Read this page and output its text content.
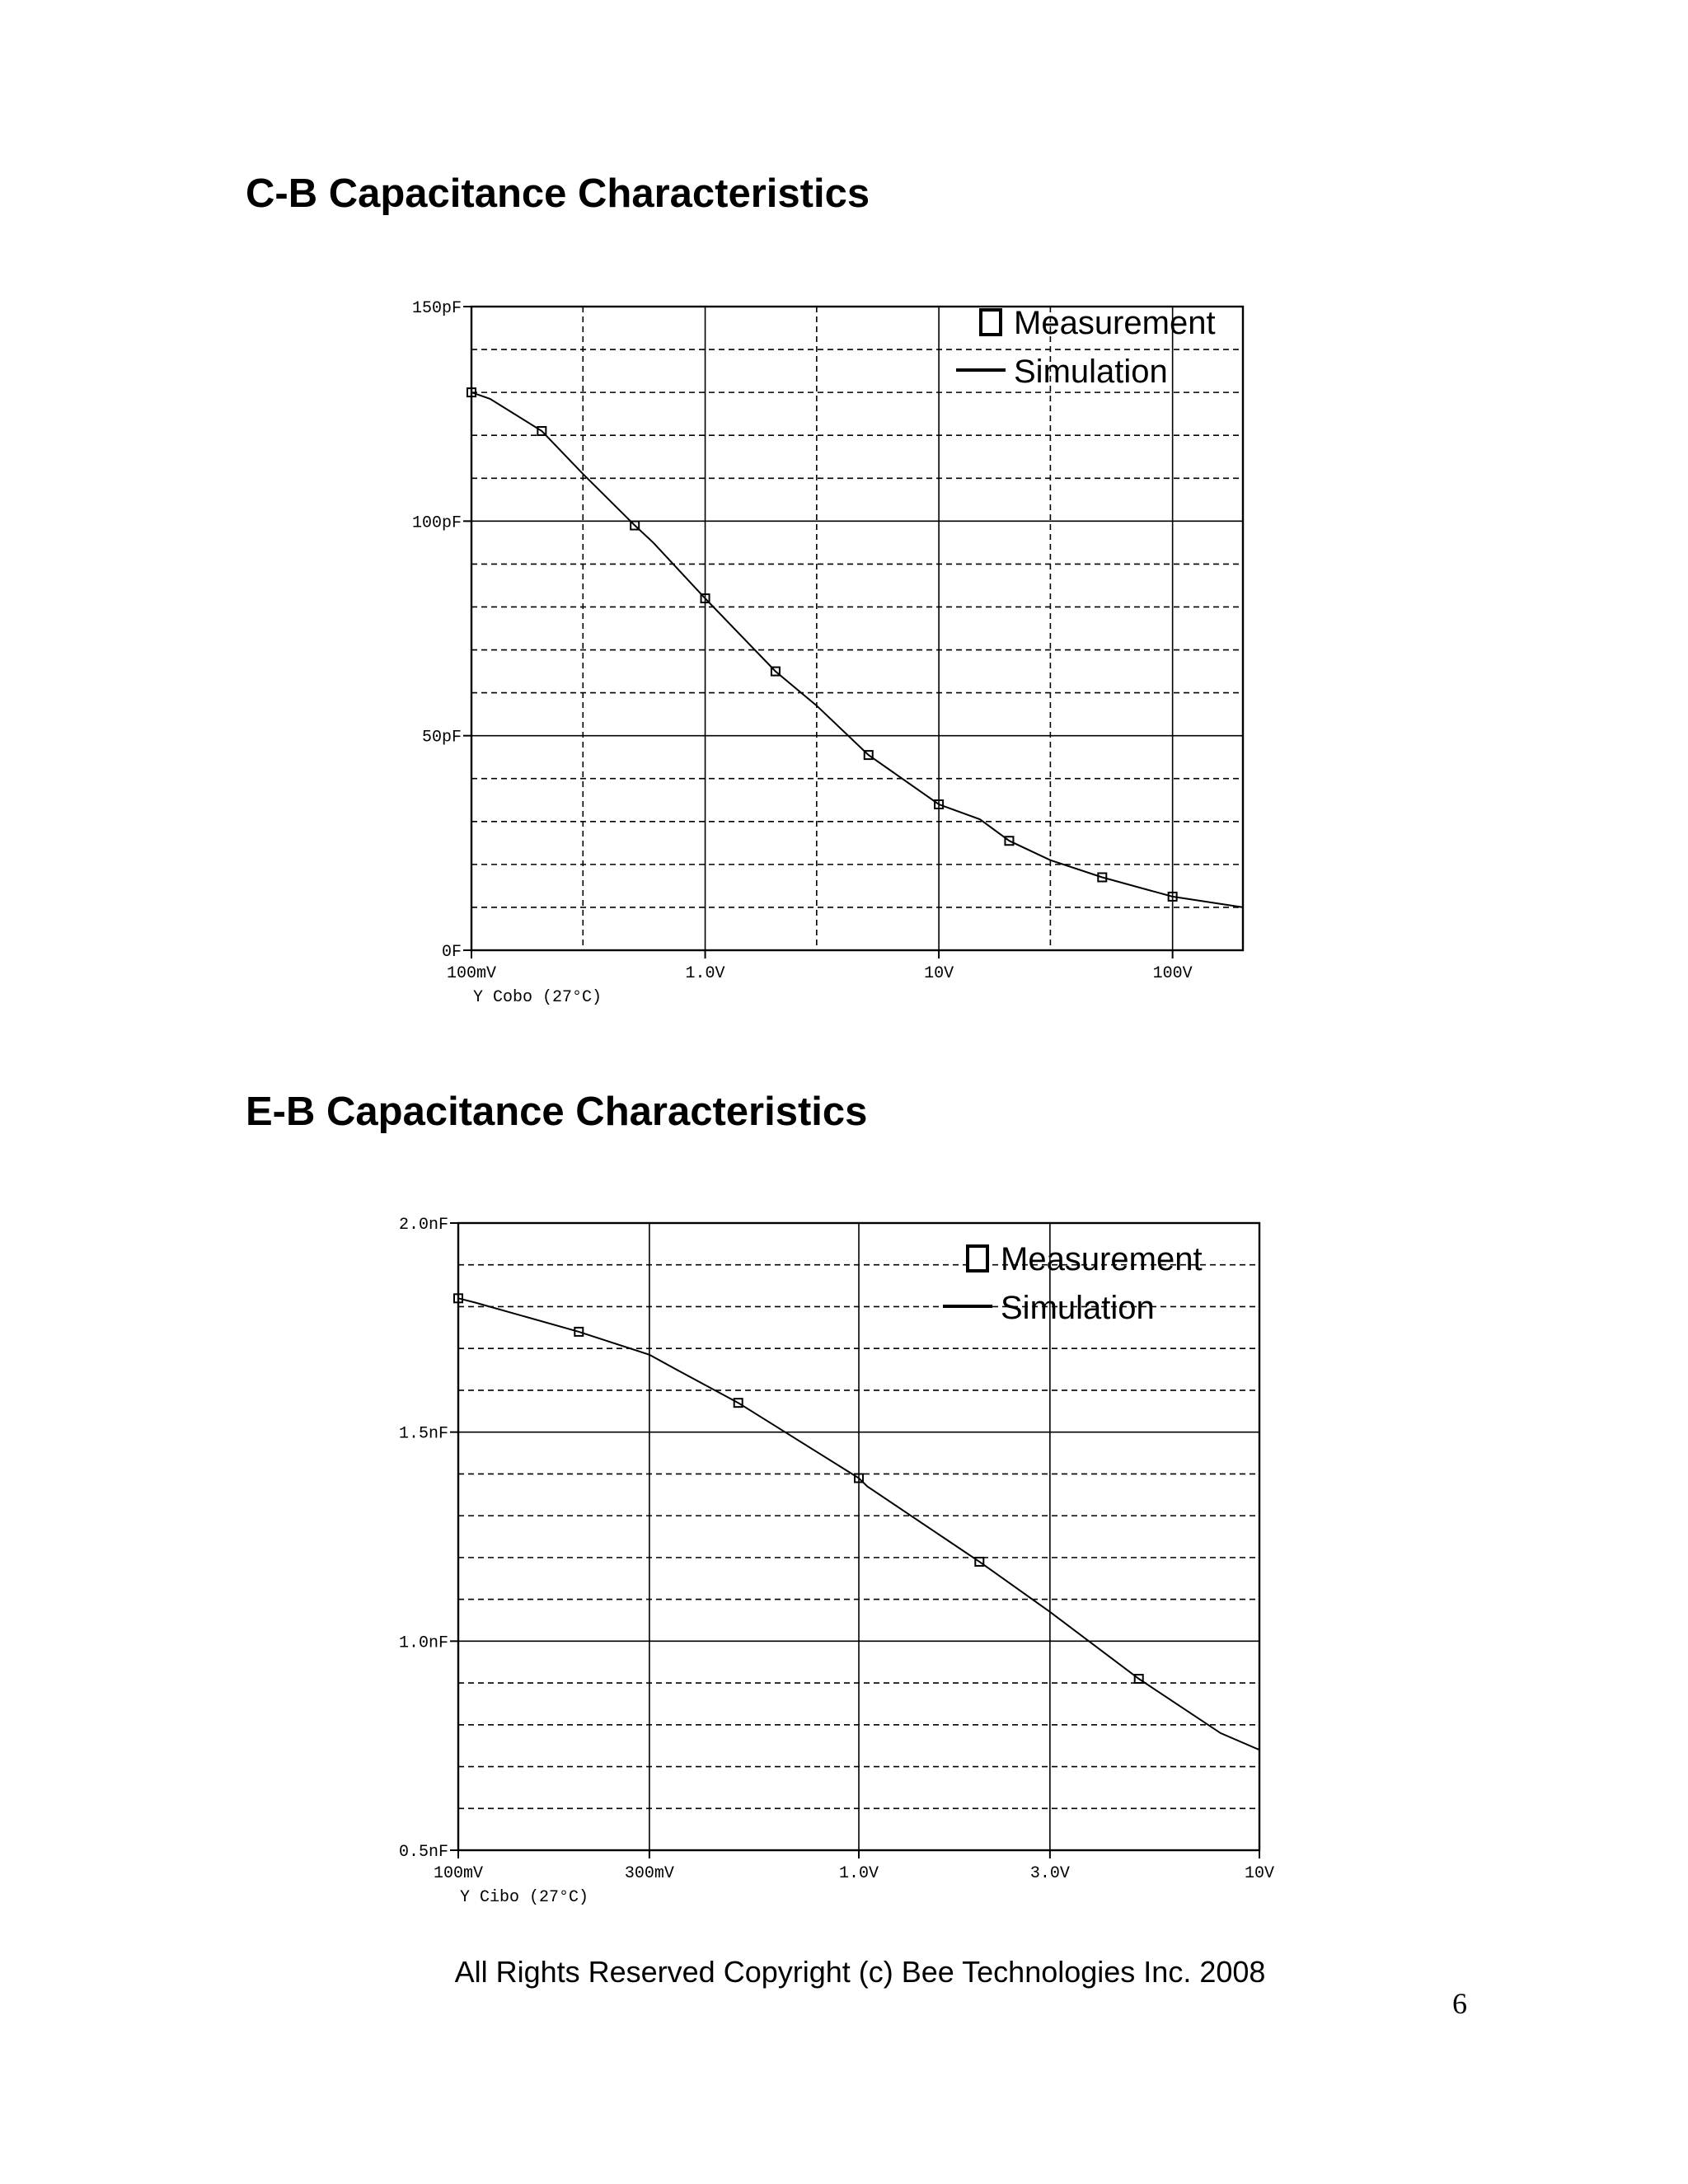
C-B Capacitance Characteristics
0F
50pF
100pF
150pF
100mV	1.0V	10V	100V
Y Cobo (27°C)
Measurement
Simulation
E-B Capacitance Characteristics
0.5nF
1.0nF
1.5nF
2.0nF
100mV	300mV	1.0V	3.0V	10V
Y Cibo (27°C)
Measurement
Simulation
All Rights Reserved Copyright (c) Bee Technologies Inc. 2008
6
